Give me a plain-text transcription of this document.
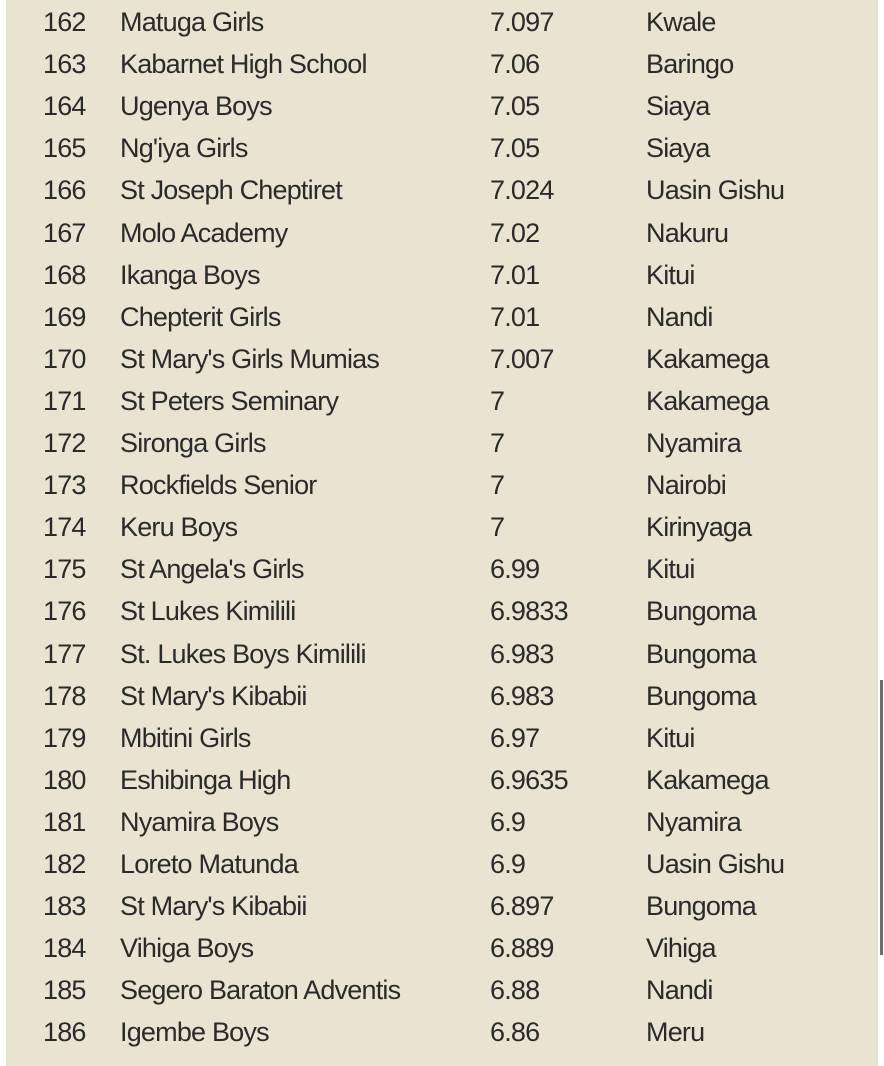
162 Matuga Girls	7.097	Kwale
163 Kabarnet High School	7.06	Baringo
164 Ugenya Boys	7.05	Siaya
165 Ng'iya Girls	7.05	Siaya
166 St Joseph Cheptiret	7.024	Uasin Gishu
167 Molo Academy	7.02	Nakuru
168 Ikanga Boys	7.01	Kitui
169 Chepterit Girls	7.01	Nandi
170 St Mary's Girls Mumias	7.007	Kakamega
171 St Peters Seminary	7	Kakamega
172 Sironga Girls	7	Nyamira
173 Rockfields Senior	7	Nairobi
174 Keru Boys	7	Kirinyaga
175 St Angela's Girls	6.99	Kitui
176 St Lukes Kimilili	6.9833	Bungoma
177 St. Lukes Boys Kimilili	6.983	Bungoma
178 St Mary's Kibabii	6.983	Bungoma
179 Mbitini Girls	6.97	Kitui
180 Eshibinga High	6.9635	Kakamega
181 Nyamira Boys	6.9	Nyamira
182 Loreto Matunda	6.9	Uasin Gishu
183 St Mary's Kibabii	6.897	Bungoma
184 Vihiga Boys	6.889	Vihiga
185 Segero Baraton Adventis	6.88	Nandi
186 Igembe Boys	6.86	Meru
